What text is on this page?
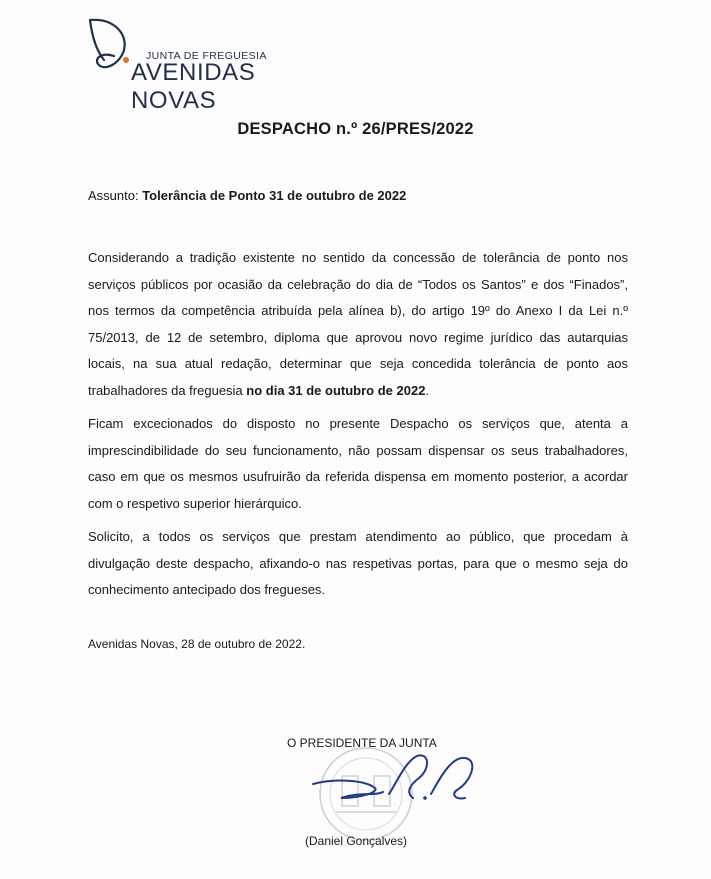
JUNTA DE FREGUESIA
AVENIDAS NOVAS
DESPACHO n.º 26/PRES/2022
Assunto: Tolerância de Ponto 31 de outubro de 2022
Considerando a tradição existente no sentido da concessão de tolerância de ponto nos serviços públicos por ocasião da celebração do dia de “Todos os Santos” e dos “Finados”, nos termos da competência atribuída pela alínea b), do artigo 19º do Anexo I da Lei n.º 75/2013, de 12 de setembro, diploma que aprovou novo regime jurídico das autarquias locais, na sua atual redação, determinar que seja concedida tolerância de ponto aos trabalhadores da freguesia no dia 31 de outubro de 2022.
Ficam excecionados do disposto no presente Despacho os serviços que, atenta a imprescindibilidade do seu funcionamento, não possam dispensar os seus trabalhadores, caso em que os mesmos usufruirão da referida dispensa em momento posterior, a acordar com o respetivo superior hierárquico.
Solicito, a todos os serviços que prestam atendimento ao público, que procedam à divulgação deste despacho, afixando-o nas respetivas portas, para que o mesmo seja do conhecimento antecipado dos fregueses.
Avenidas Novas, 28 de outubro de 2022.
O PRESIDENTE DA JUNTA
(Daniel Gonçalves)
